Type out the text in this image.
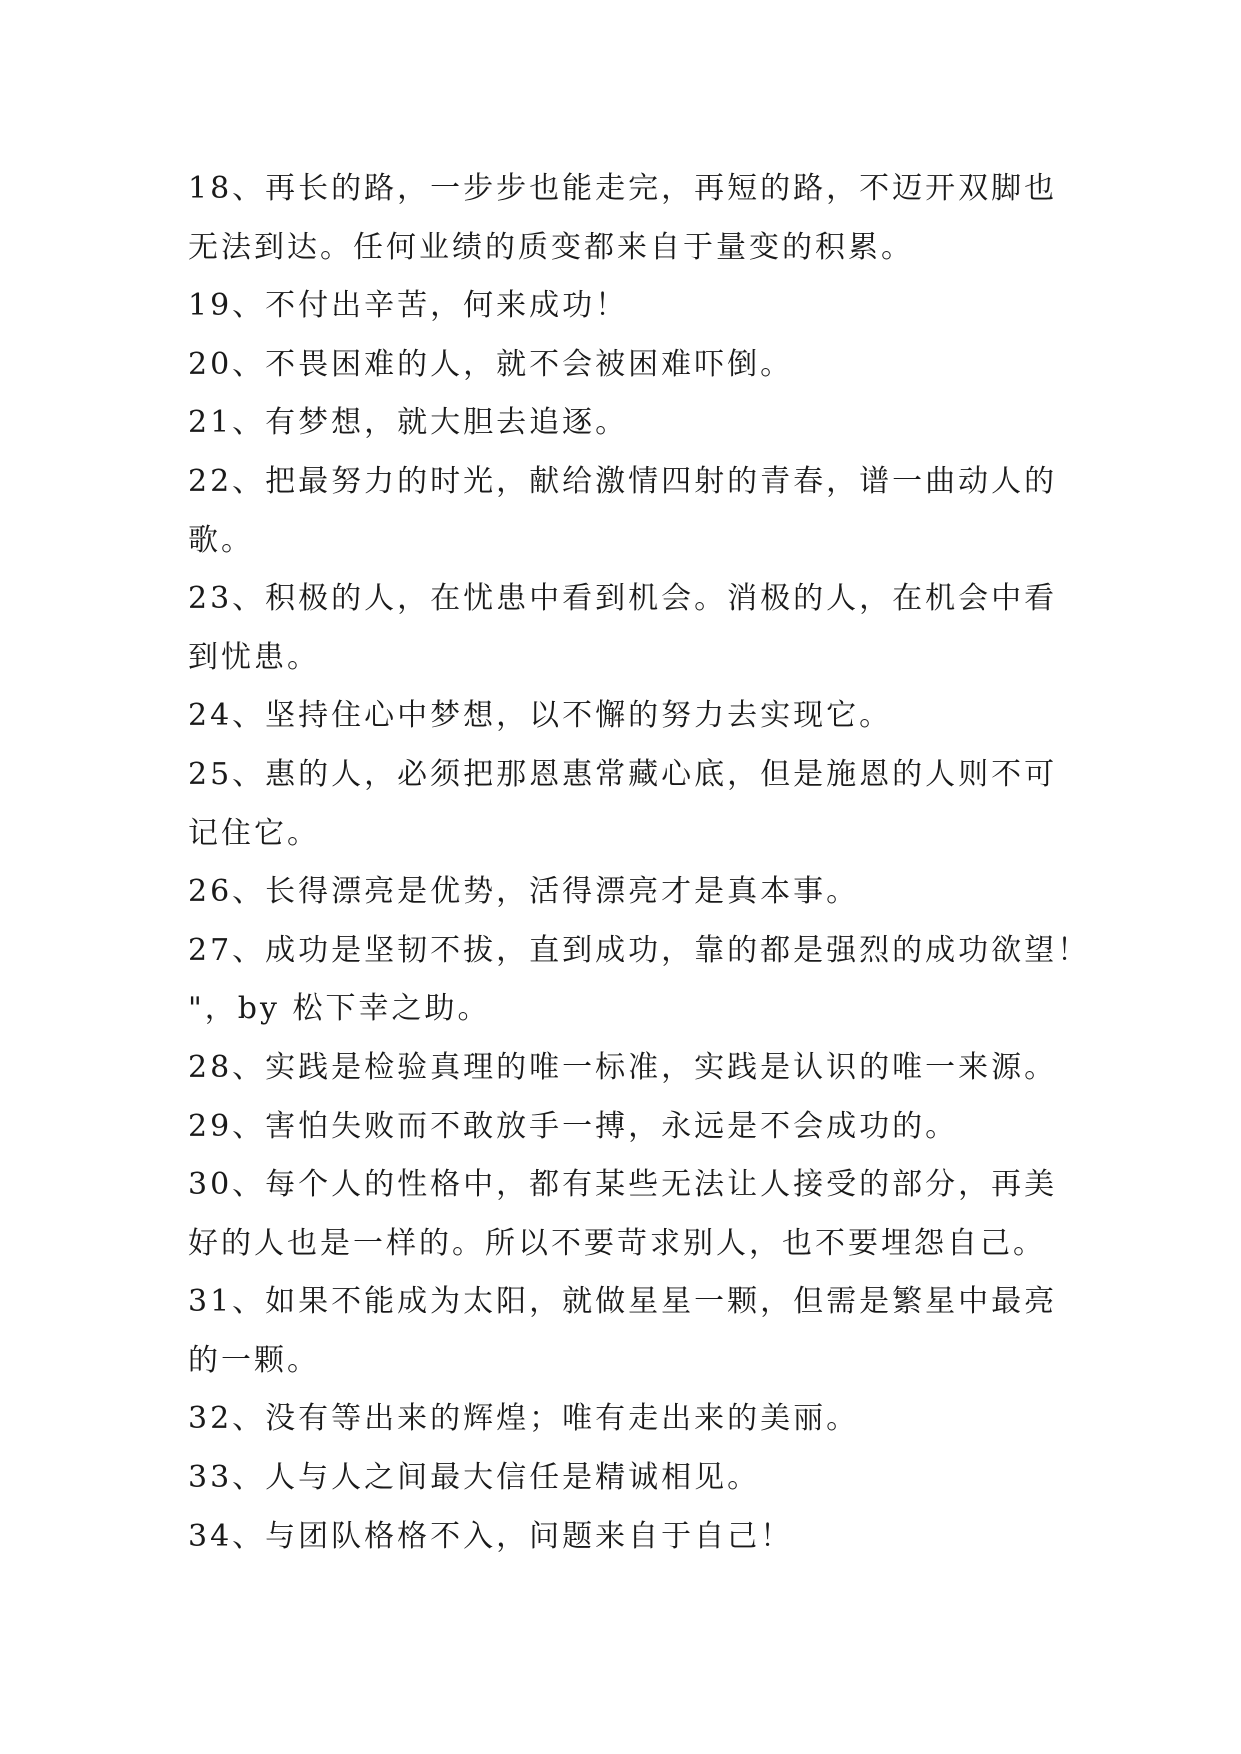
18、再长的路，一步步也能走完，再短的路，不迈开双脚也
无法到达。任何业绩的质变都来自于量变的积累。
19、不付出辛苦，何来成功！
20、不畏困难的人，就不会被困难吓倒。
21、有梦想，就大胆去追逐。
22、把最努力的时光，献给激情四射的青春，谱一曲动人的
歌。
23、积极的人，在忧患中看到机会。消极的人，在机会中看
到忧患。
24、坚持住心中梦想，以不懈的努力去实现它。
25、惠的人，必须把那恩惠常藏心底，但是施恩的人则不可
记住它。
26、长得漂亮是优势，活得漂亮才是真本事。
27、成功是坚韧不拔，直到成功，靠的都是强烈的成功欲望！
"，by 松下幸之助。
28、实践是检验真理的唯一标准，实践是认识的唯一来源。
29、害怕失败而不敢放手一搏，永远是不会成功的。
30、每个人的性格中，都有某些无法让人接受的部分，再美
好的人也是一样的。所以不要苛求别人，也不要埋怨自己。
31、如果不能成为太阳，就做星星一颗，但需是繁星中最亮
的一颗。
32、没有等出来的辉煌；唯有走出来的美丽。
33、人与人之间最大信任是精诚相见。
34、与团队格格不入，问题来自于自己！
